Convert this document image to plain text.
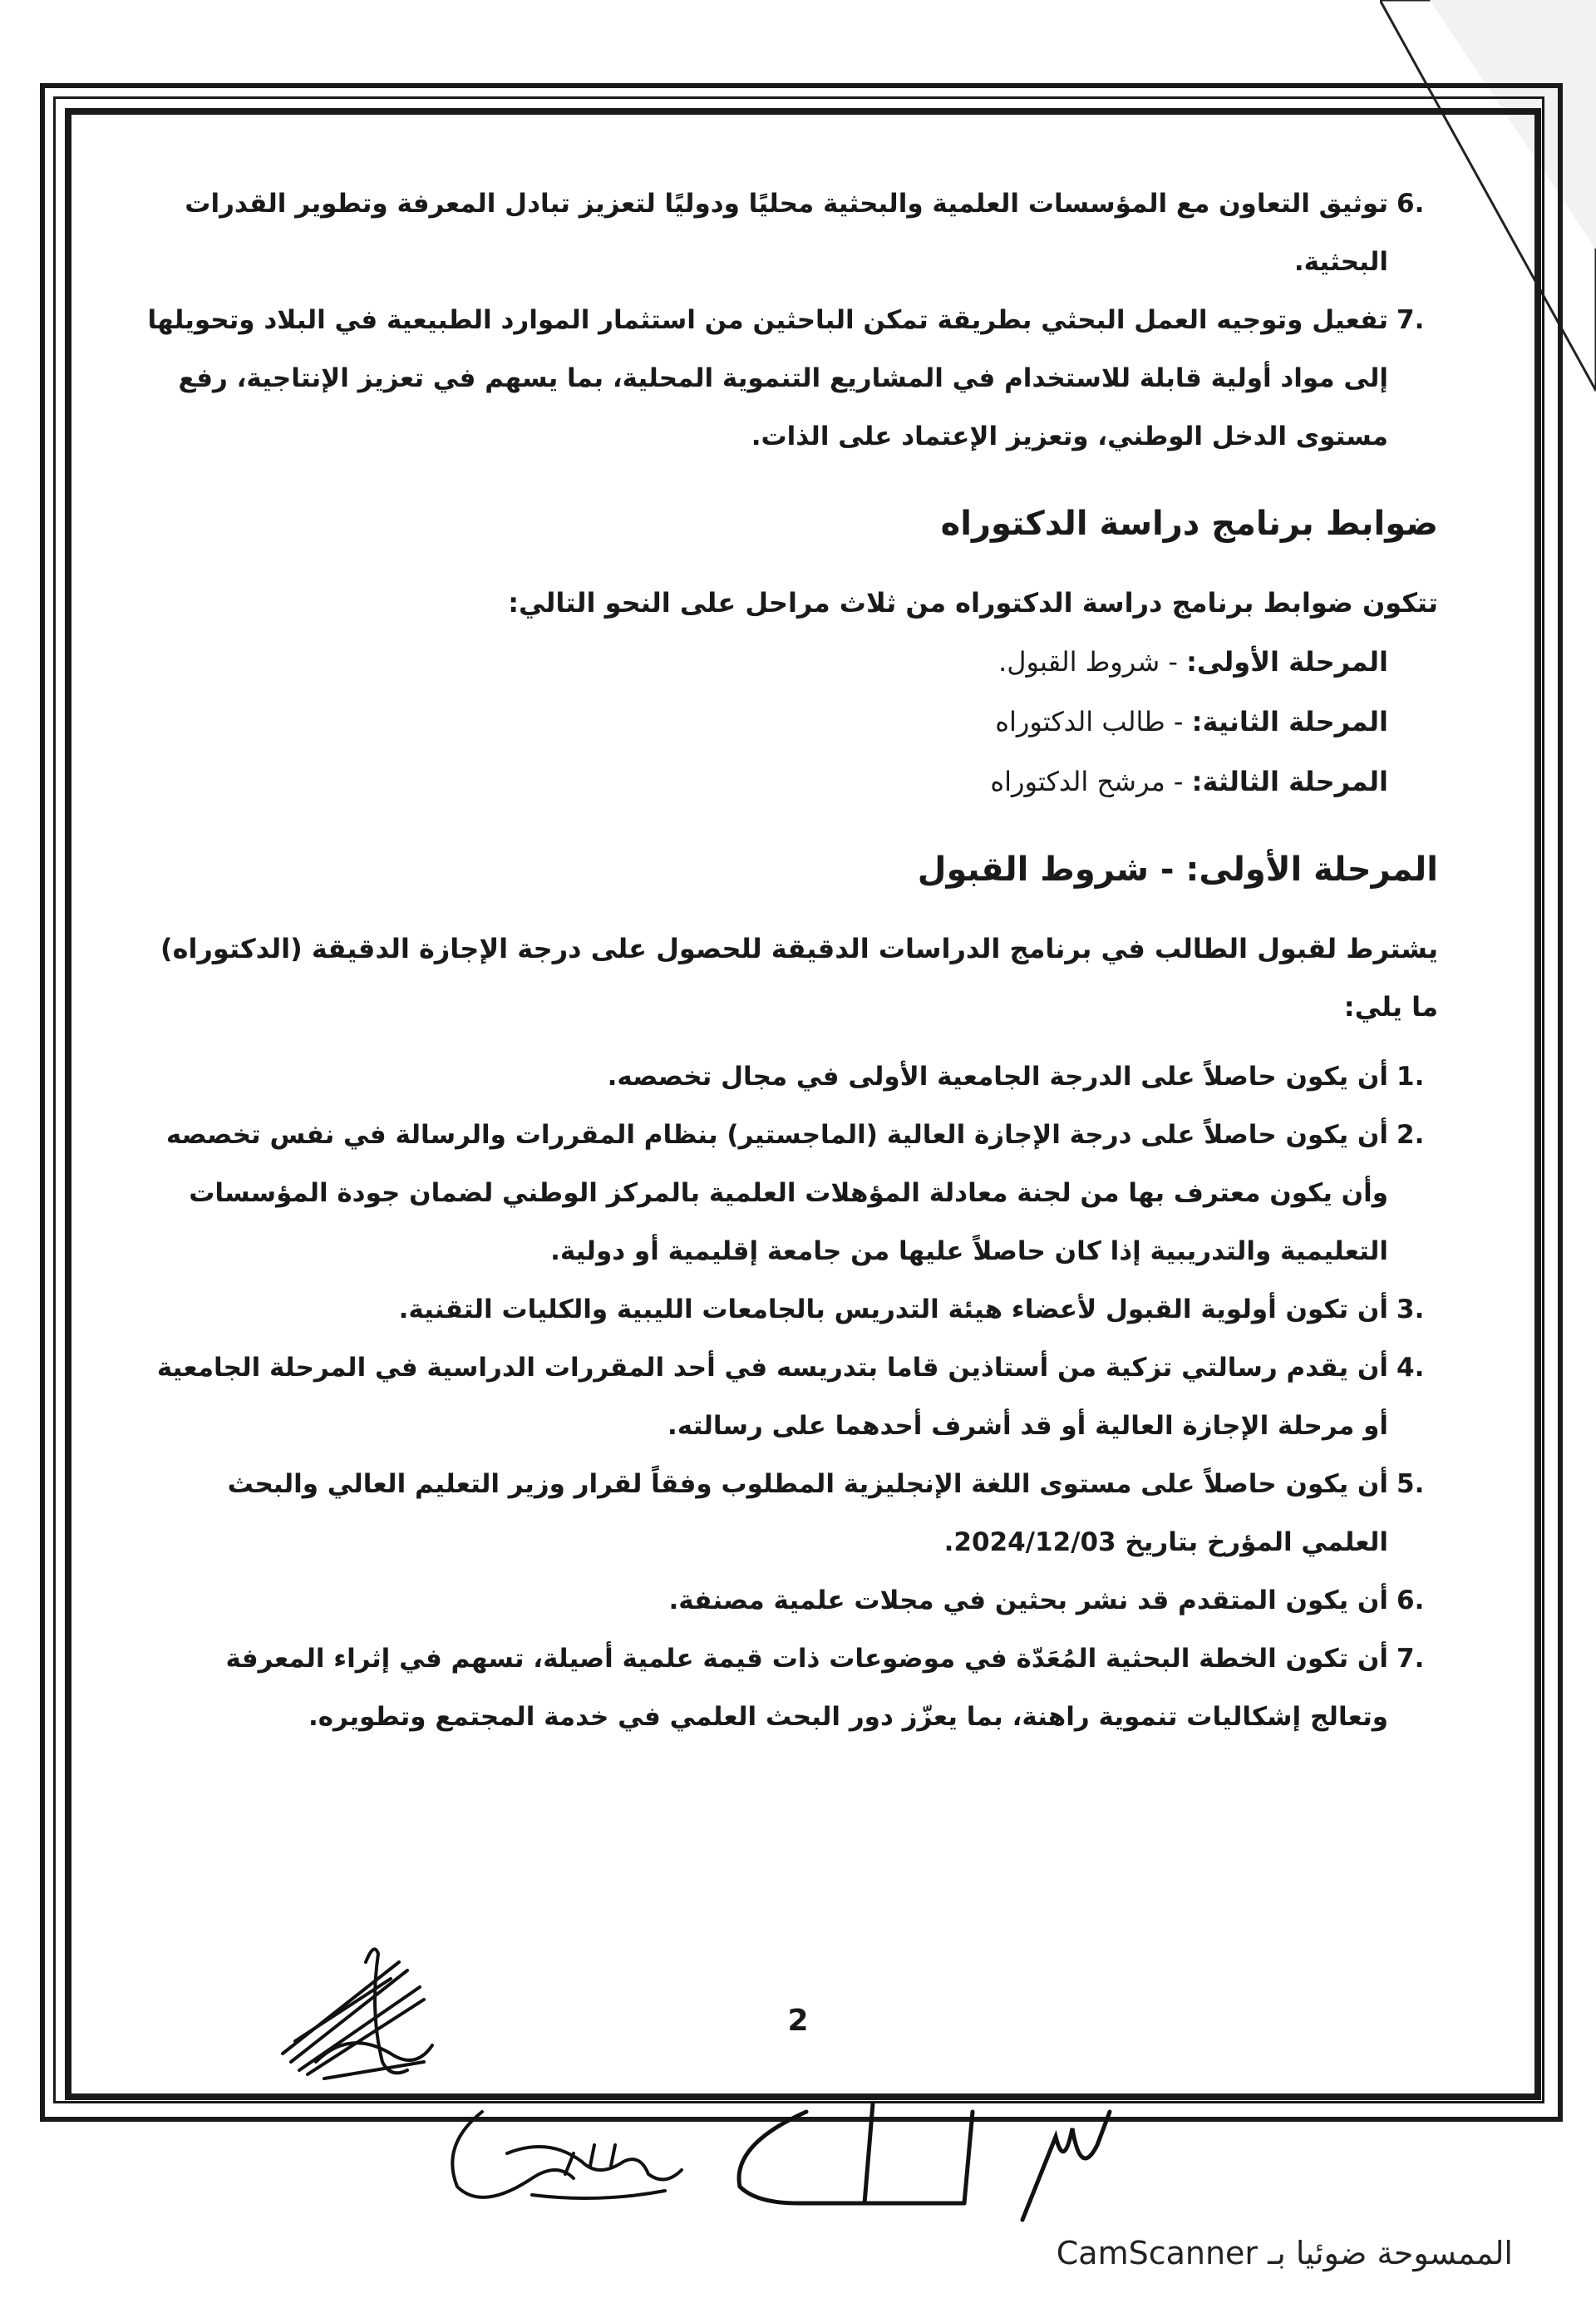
.6
توثيق التعاون مع المؤسسات العلمية والبحثية محليًا ودوليًا لتعزيز تبادل المعرفة وتطوير القدرات البحثية.
.7
تفعيل وتوجيه العمل البحثي بطريقة تمكن الباحثين من استثمار الموارد الطبيعية في البلاد وتحويلها إلى مواد أولية قابلة للاستخدام في المشاريع التنموية المحلية، بما يسهم في تعزيز الإنتاجية، رفع مستوى الدخل الوطني، وتعزيز الإعتماد على الذات.
ضوابط برنامج دراسة الدكتوراه
تتكون ضوابط برنامج دراسة الدكتوراه من ثلاث مراحل على النحو التالي:
المرحلة الأولى: - شروط القبول.
المرحلة الثانية: - طالب الدكتوراه
المرحلة الثالثة: - مرشح الدكتوراه
المرحلة الأولى: - شروط القبول
يشترط لقبول الطالب في برنامج الدراسات الدقيقة للحصول على درجة الإجازة الدقيقة (الدكتوراه) ما يلي:
.1
أن يكون حاصلاً على الدرجة الجامعية الأولى في مجال تخصصه.
.2
أن يكون حاصلاً على درجة الإجازة العالية (الماجستير) بنظام المقررات والرسالة في نفس تخصصه وأن يكون معترف بها من لجنة معادلة المؤهلات العلمية بالمركز الوطني لضمان جودة المؤسسات التعليمية والتدريبية إذا كان حاصلاً عليها من جامعة إقليمية أو دولية.
.3
أن تكون أولوية القبول لأعضاء هيئة التدريس بالجامعات الليبية والكليات التقنية.
.4
أن يقدم رسالتي تزكية من أستاذين قاما بتدريسه في أحد المقررات الدراسية في المرحلة الجامعية أو مرحلة الإجازة العالية أو قد أشرف أحدهما على رسالته.
.5
أن يكون حاصلاً على مستوى اللغة الإنجليزية المطلوب وفقاً لقرار وزير التعليم العالي والبحث العلمي المؤرخ بتاريخ 2024/12/03.
.6
أن يكون المتقدم قد نشر بحثين في مجلات علمية مصنفة.
.7
أن تكون الخطة البحثية المُعَدّة في موضوعات ذات قيمة علمية أصيلة، تسهم في إثراء المعرفة وتعالج إشكاليات تنموية راهنة، بما يعزّز دور البحث العلمي في خدمة المجتمع وتطويره.
2
الممسوحة ضوئيا بـ CamScanner
